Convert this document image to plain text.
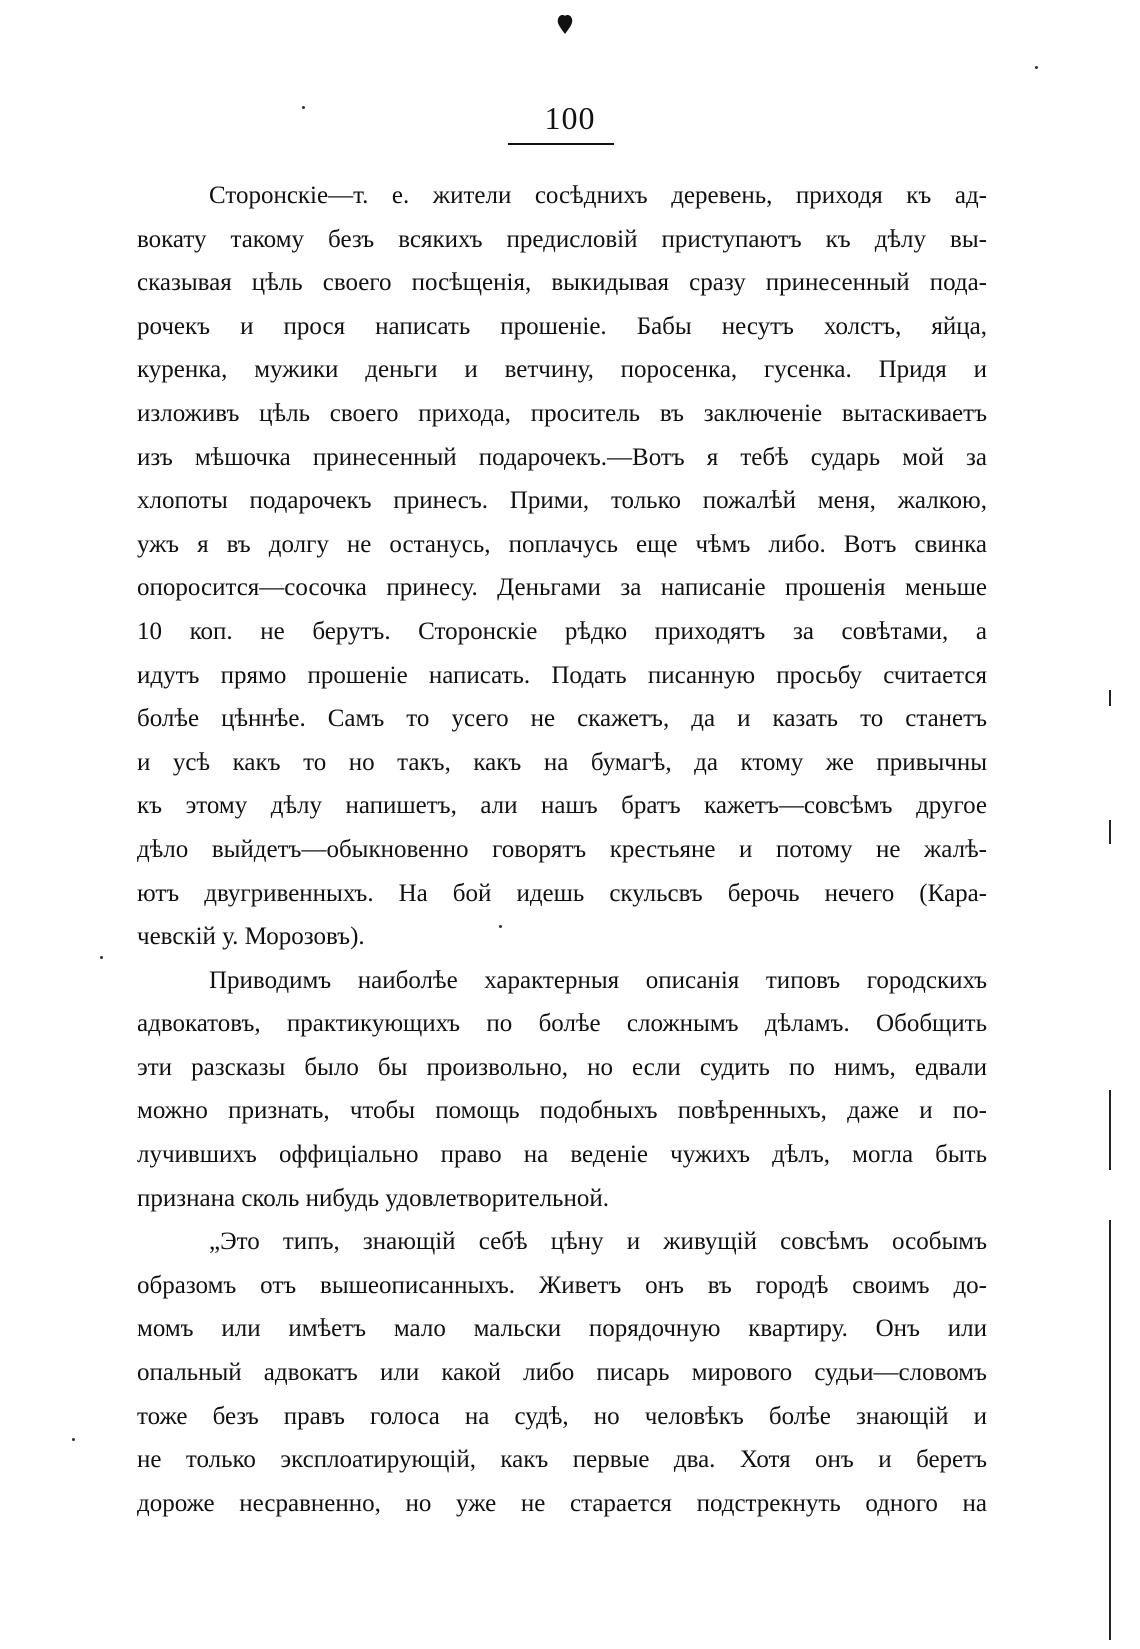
100
Сторонскіе—т. е. жители сосѣднихъ деревень, приходя къ ад-
вокату такому безъ всякихъ предисловій приступаютъ къ дѣлу вы-
сказывая цѣль своего посѣщенія, выкидывая сразу принесенный пода-
рочекъ и прося написать прошеніе. Бабы несутъ холстъ, яйца,
куренка, мужики деньги и ветчину, поросенка, гусенка. Придя и
изложивъ цѣль своего прихода, проситель въ заключеніе вытаскиваетъ
изъ мѣшочка принесенный подарочекъ.—Вотъ я тебѣ сударь мой за
хлопоты подарочекъ принесъ. Прими, только пожалѣй меня, жалкою,
ужъ я въ долгу не останусь, поплачусь еще чѣмъ либо. Вотъ свинка
опоросится—сосочка принесу. Деньгами за написаніе прошенія меньше
10 коп. не берутъ. Сторонскіе рѣдко приходятъ за совѣтами, а
идутъ прямо прошеніе написать. Подать писанную просьбу считается
болѣе цѣннѣе. Самъ то усего не скажетъ, да и казать то станетъ
и усѣ какъ то но такъ, какъ на бумагѣ, да ктому же привычны
къ этому дѣлу напишетъ, али нашъ братъ кажетъ—совсѣмъ другое
дѣло выйдетъ—обыкновенно говорятъ крестьяне и потому не жалѣ-
ютъ двугривенныхъ. На бой идешь скульсвъ берочь нечего (Кара-
чевскій у. Морозовъ).
Приводимъ наиболѣе характерныя описанія типовъ городскихъ
адвокатовъ, практикующихъ по болѣе сложнымъ дѣламъ. Обобщить
эти разсказы было бы произвольно, но если судить по нимъ, едвали
можно признать, чтобы помощь подобныхъ повѣренныхъ, даже и по-
лучившихъ оффиціально право на веденіе чужихъ дѣлъ, могла быть
признана сколь нибудь удовлетворительной.
„Это типъ, знающій себѣ цѣну и живущій совсѣмъ особымъ
образомъ отъ вышеописанныхъ. Живетъ онъ въ городѣ своимъ до-
момъ или имѣетъ мало мальски порядочную квартиру. Онъ или
опальный адвокатъ или какой либо писарь мирового судьи—словомъ
тоже безъ правъ голоса на судѣ, но человѣкъ болѣе знающій и
не только эксплоатирующій, какъ первые два. Хотя онъ и беретъ
дороже несравненно, но уже не старается подстрекнуть одного на
